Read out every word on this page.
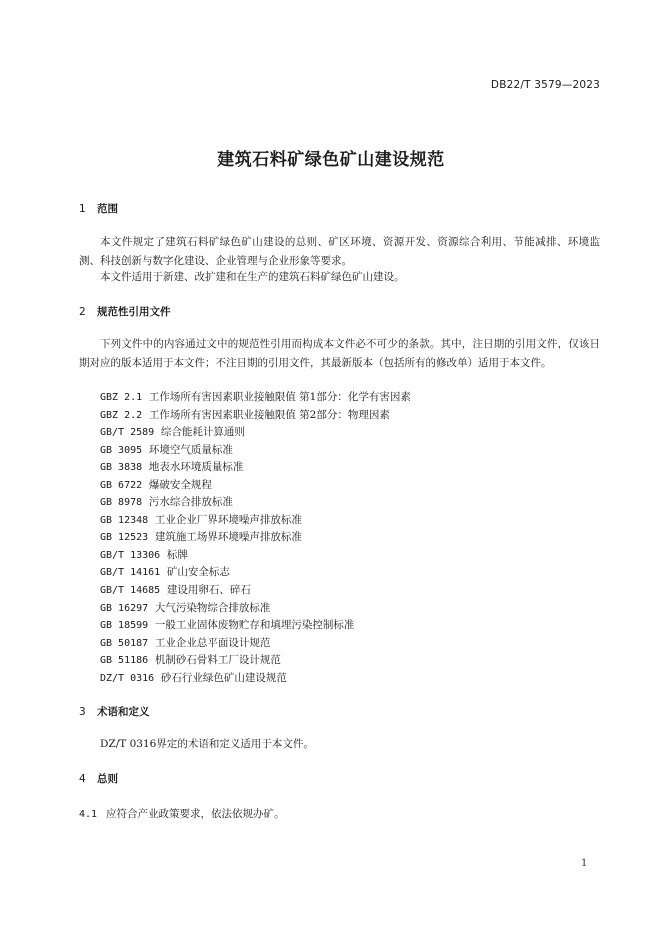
DB22/T 3579—2023
建筑石料矿绿色矿山建设规范
1 范围
本文件规定了建筑石料矿绿色矿山建设的总则、矿区环境、资源开发、资源综合利用、节能减排、环境监测、科技创新与数字化建设、企业管理与企业形象等要求。
本文件适用于新建、改扩建和在生产的建筑石料矿绿色矿山建设。
2 规范性引用文件
下列文件中的内容通过文中的规范性引用而构成本文件必不可少的条款。其中，注日期的引用文件，仅该日期对应的版本适用于本文件；不注日期的引用文件，其最新版本（包括所有的修改单）适用于本文件。
GBZ 2.1 工作场所有害因素职业接触限值 第1部分：化学有害因素
GBZ 2.2 工作场所有害因素职业接触限值 第2部分：物理因素
GB/T 2589 综合能耗计算通则
GB 3095 环境空气质量标准
GB 3838 地表水环境质量标准
GB 6722 爆破安全规程
GB 8978 污水综合排放标准
GB 12348 工业企业厂界环境噪声排放标准
GB 12523 建筑施工场界环境噪声排放标准
GB/T 13306 标牌
GB/T 14161 矿山安全标志
GB/T 14685 建设用卵石、碎石
GB 16297 大气污染物综合排放标准
GB 18599 一般工业固体废物贮存和填埋污染控制标准
GB 50187 工业企业总平面设计规范
GB 51186 机制砂石骨料工厂设计规范
DZ/T 0316 砂石行业绿色矿山建设规范
3 术语和定义
DZ/T 0316界定的术语和定义适用于本文件。
4 总则
4.1 应符合产业政策要求，依法依规办矿。
1
